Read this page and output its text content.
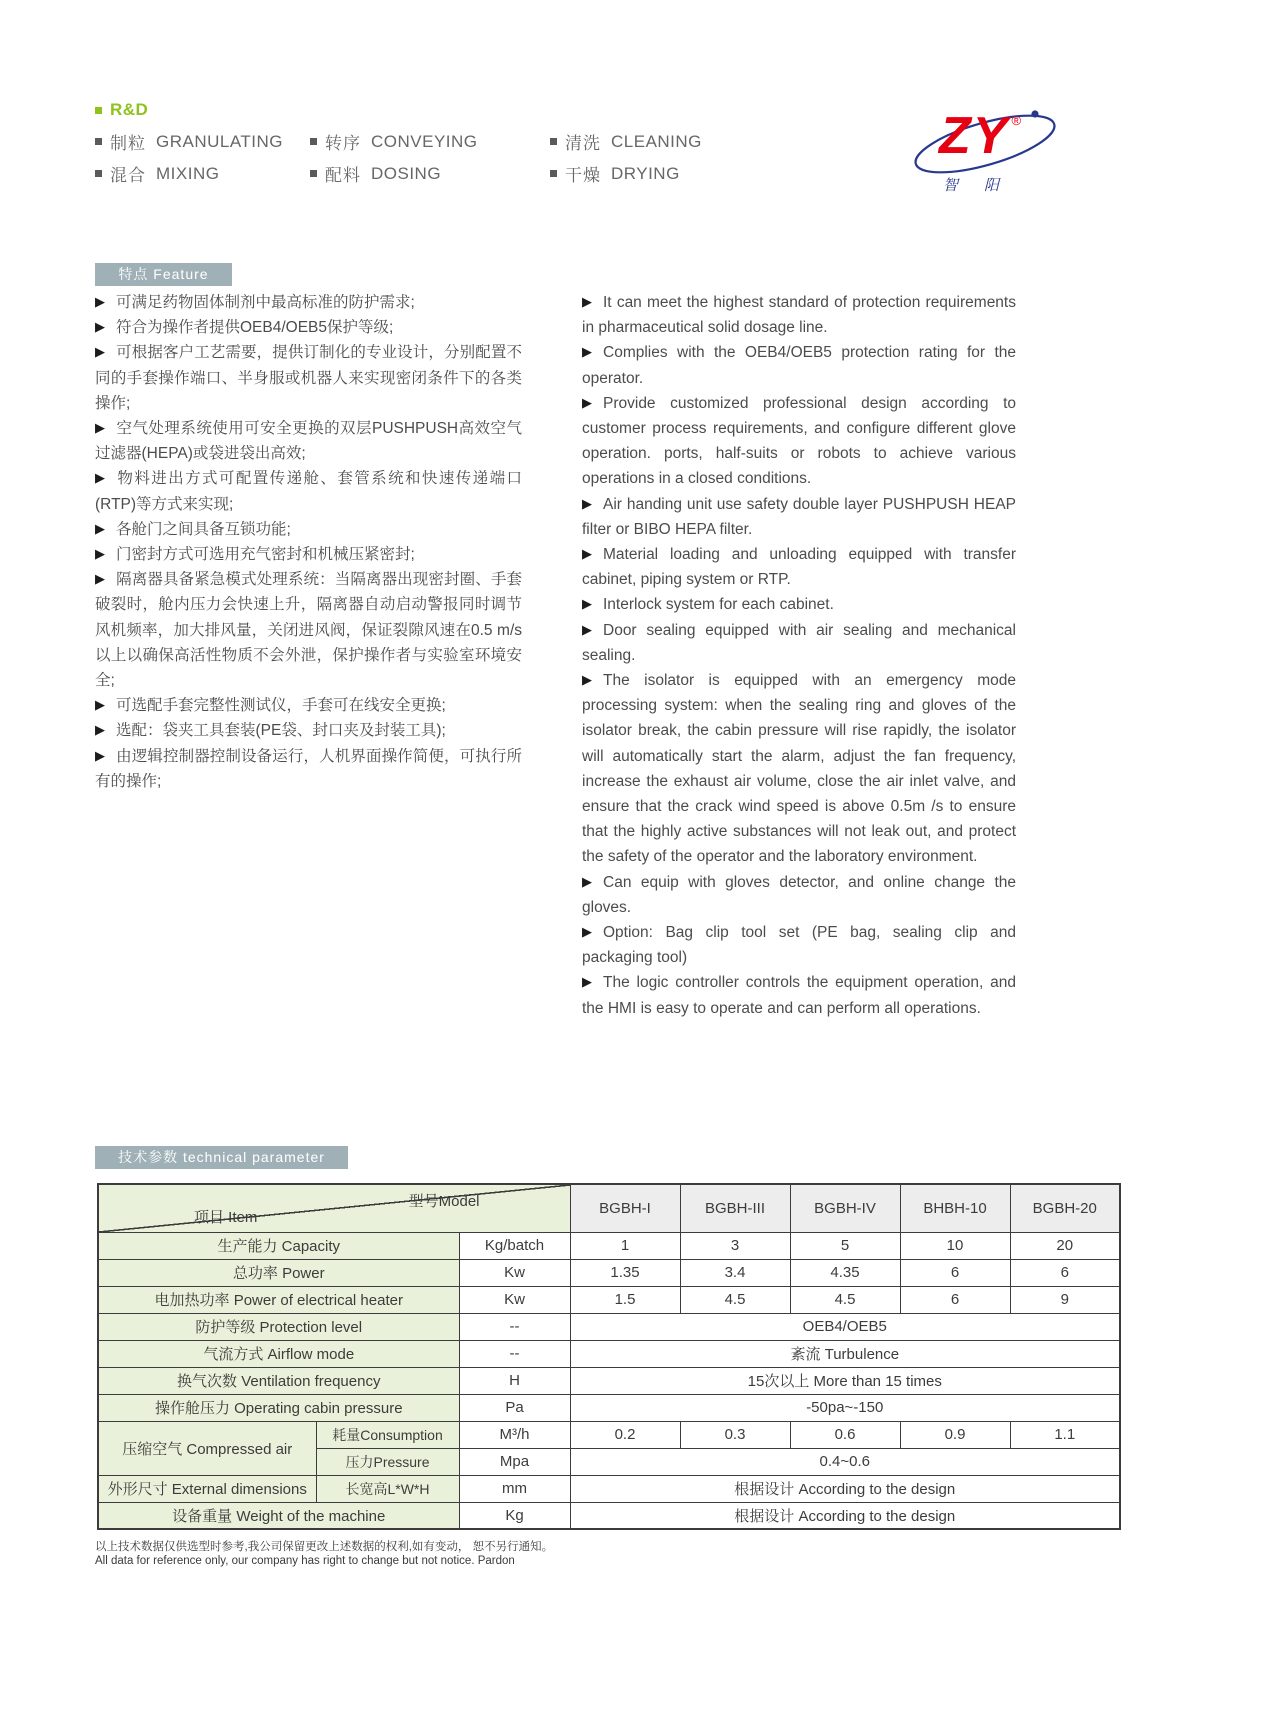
R&D
制粒 GRANULATING
混合 MIXING
转序 CONVEYING
配料 DOSING
清洗 CLEANING
干燥 DRYING
ZY ®
智阳
特点 Feature

▶ 可满足药物固体制剂中最高标准的防护需求;

▶ 符合为操作者提供OEB4/OEB5保护等级;

▶ 可根据客户工艺需要，提供订制化的专业设计，分别配置不同的手套操作端口、半身服或机器人来实现密闭条件下的各类操作;

▶ 空气处理系统使用可安全更换的双层PUSHPUSH高效空气过滤器(HEPA)或袋进袋出高效;

▶ 物料进出方式可配置传递舱、套管系统和快速传递端口(RTP)等方式来实现;

▶ 各舱门之间具备互锁功能;

▶ 门密封方式可选用充气密封和机械压紧密封;

▶ 隔离器具备紧急模式处理系统：当隔离器出现密封圈、手套破裂时，舱内压力会快速上升，隔离器自动启动警报同时调节风机频率，加大排风量，关闭进风阀，保证裂隙风速在0.5 m/s以上以确保高活性物质不会外泄，保护操作者与实验室环境安全;

▶ 可选配手套完整性测试仪，手套可在线安全更换;

▶ 选配：袋夹工具套装(PE袋、封口夹及封装工具);

▶ 由逻辑控制器控制设备运行，人机界面操作简便，可执行所有的操作;

▶ It can meet the highest standard of protection requirements in pharmaceutical solid dosage line.

▶ Complies with the OEB4/OEB5 protection rating for the operator.

▶ Provide customized professional design according to customer process requirements, and configure different glove operation. ports, half-suits or robots to achieve various operations in a closed conditions.

▶ Air handing unit use safety double layer PUSHPUSH HEAP filter or BIBO HEPA filter.

▶ Material loading and unloading equipped with transfer cabinet, piping system or RTP.

▶ Interlock system for each cabinet.

▶ Door sealing equipped with air sealing and mechanical sealing.

▶ The isolator is equipped with an emergency mode processing system: when the sealing ring and gloves of the isolator break, the cabin pressure will rise rapidly, the isolator will automatically start the alarm, adjust the fan frequency, increase the exhaust air volume, close the air inlet valve, and ensure that the crack wind speed is above 0.5m /s to ensure that the highly active substances will not leak out, and protect the safety of the operator and the laboratory environment.

▶ Can equip with gloves detector, and online change the gloves.

▶ Option: Bag clip tool set (PE bag, sealing clip and packaging tool)

▶ The logic controller controls the equipment operation, and the HMI is easy to operate and can perform all operations.

技术参数 technical parameter
型号Model
项目 Item			BGBH-I	BGBH-III	BGBH-IV	BHBH-10	BGBH-20
生产能力 Capacity		Kg/batch	1	3	5	10	20
总功率 Power		Kw	1.35	3.4	4.35	6	6
电加热功率 Power of electrical heater		Kw	1.5	4.5	4.5	6	9
防护等级 Protection level		--	OEB4/OEB5				
气流方式 Airflow mode		--	紊流 Turbulence				
换气次数 Ventilation frequency		H	15次以上 More than 15 times				
操作舱压力 Operating cabin pressure		Pa	-50pa~-150				
压缩空气 Compressed air	耗量Consumption	M³/h	0.2	0.3	0.6	0.9	1.1
	压力Pressure	Mpa	0.4~0.6				
外形尺寸 External dimensions	长宽高L*W*H	mm	根据设计 According to the design				
设备重量 Weight of the machine		Kg	根据设计 According to the design				
以上技术数据仅供选型时参考,我公司保留更改上述数据的权利,如有变动， 恕不另行通知。
All data for reference only, our company has right to change but not notice. Pardon
